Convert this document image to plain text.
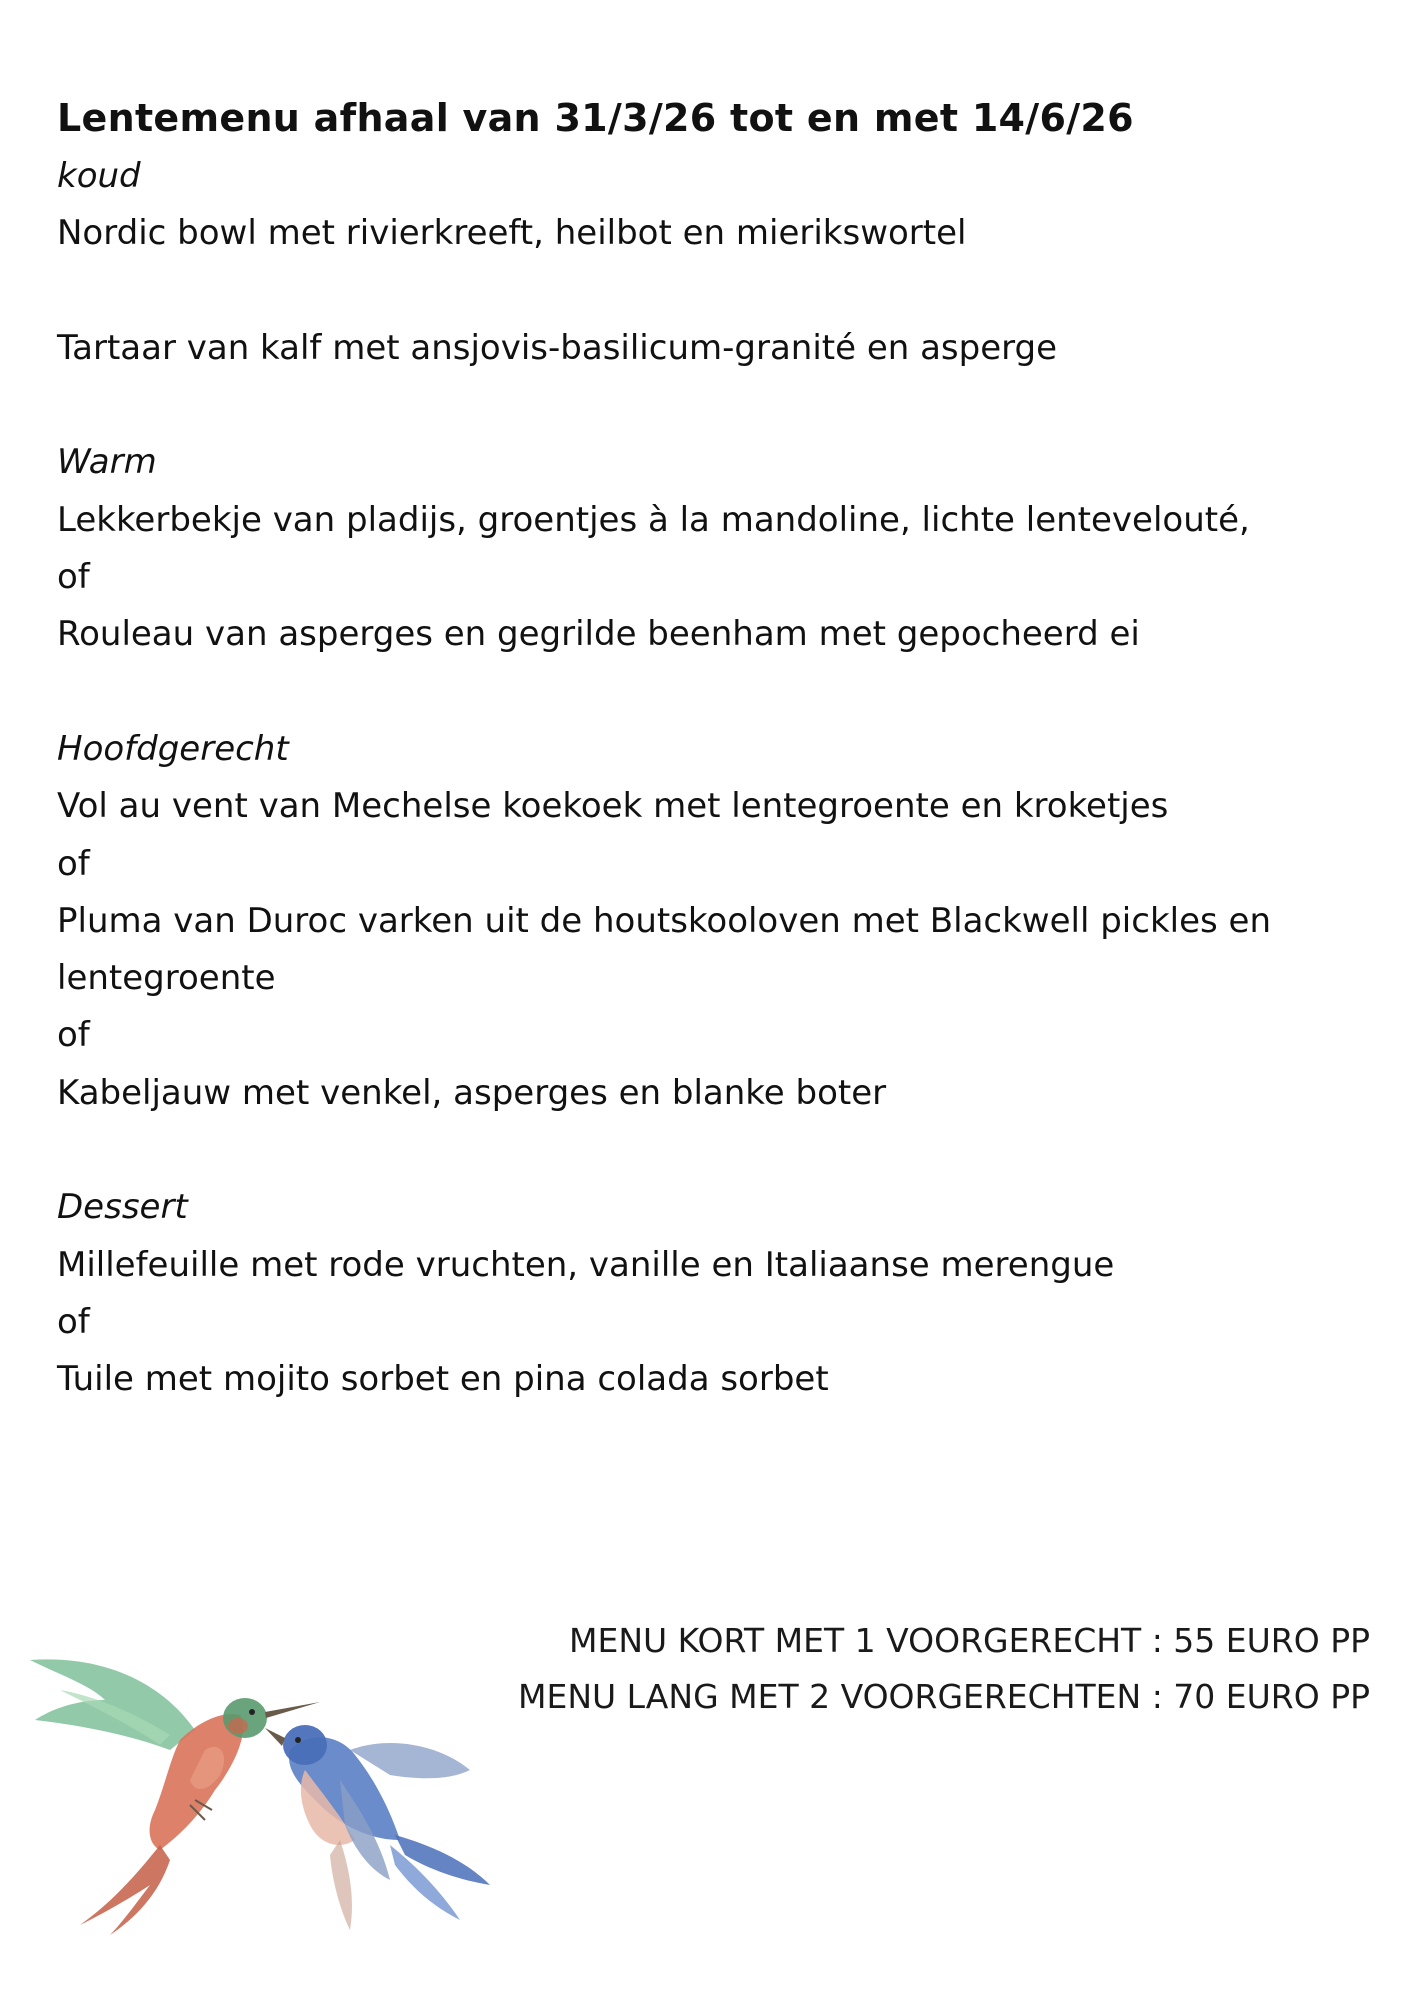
Lentemenu afhaal van 31/3/26 tot en met 14/6/26

koud

Nordic bowl met rivierkreeft, heilbot en mierikswortel

Tartaar van kalf met ansjovis-basilicum-granité en asperge

Warm

Lekkerbekje van pladijs, groentjes à la mandoline, lichte lentevelouté,

of

Rouleau van asperges en gegrilde beenham met gepocheerd ei

Hoofdgerecht

Vol au vent van Mechelse koekoek met lentegroente en kroketjes

of

Pluma van Duroc varken uit de houtskooloven met Blackwell pickles en

lentegroente

of

Kabeljauw met venkel, asperges en blanke boter

Dessert

Millefeuille met rode vruchten, vanille en Italiaanse merengue

of

Tuile met mojito sorbet en pina colada sorbet

MENU KORT MET 1 VOORGERECHT : 55 EURO PP

MENU LANG MET 2 VOORGERECHTEN : 70 EURO PP
